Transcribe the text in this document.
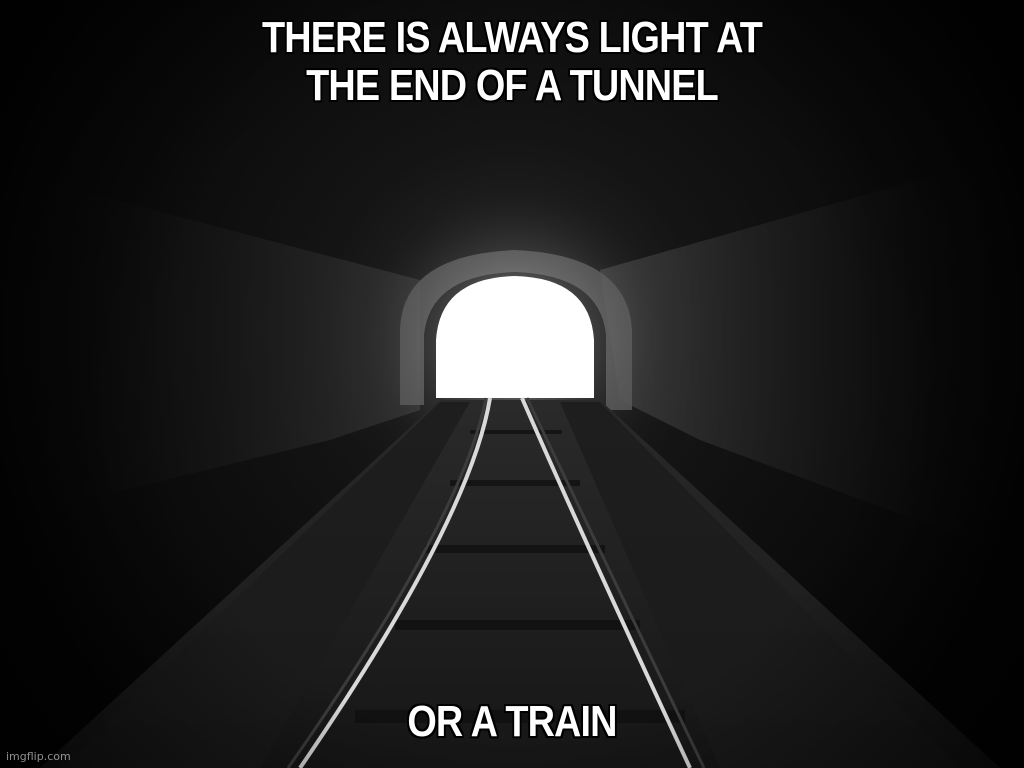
THERE IS ALWAYS LIGHT AT
THE END OF A TUNNEL
OR A TRAIN
imgflip.com
